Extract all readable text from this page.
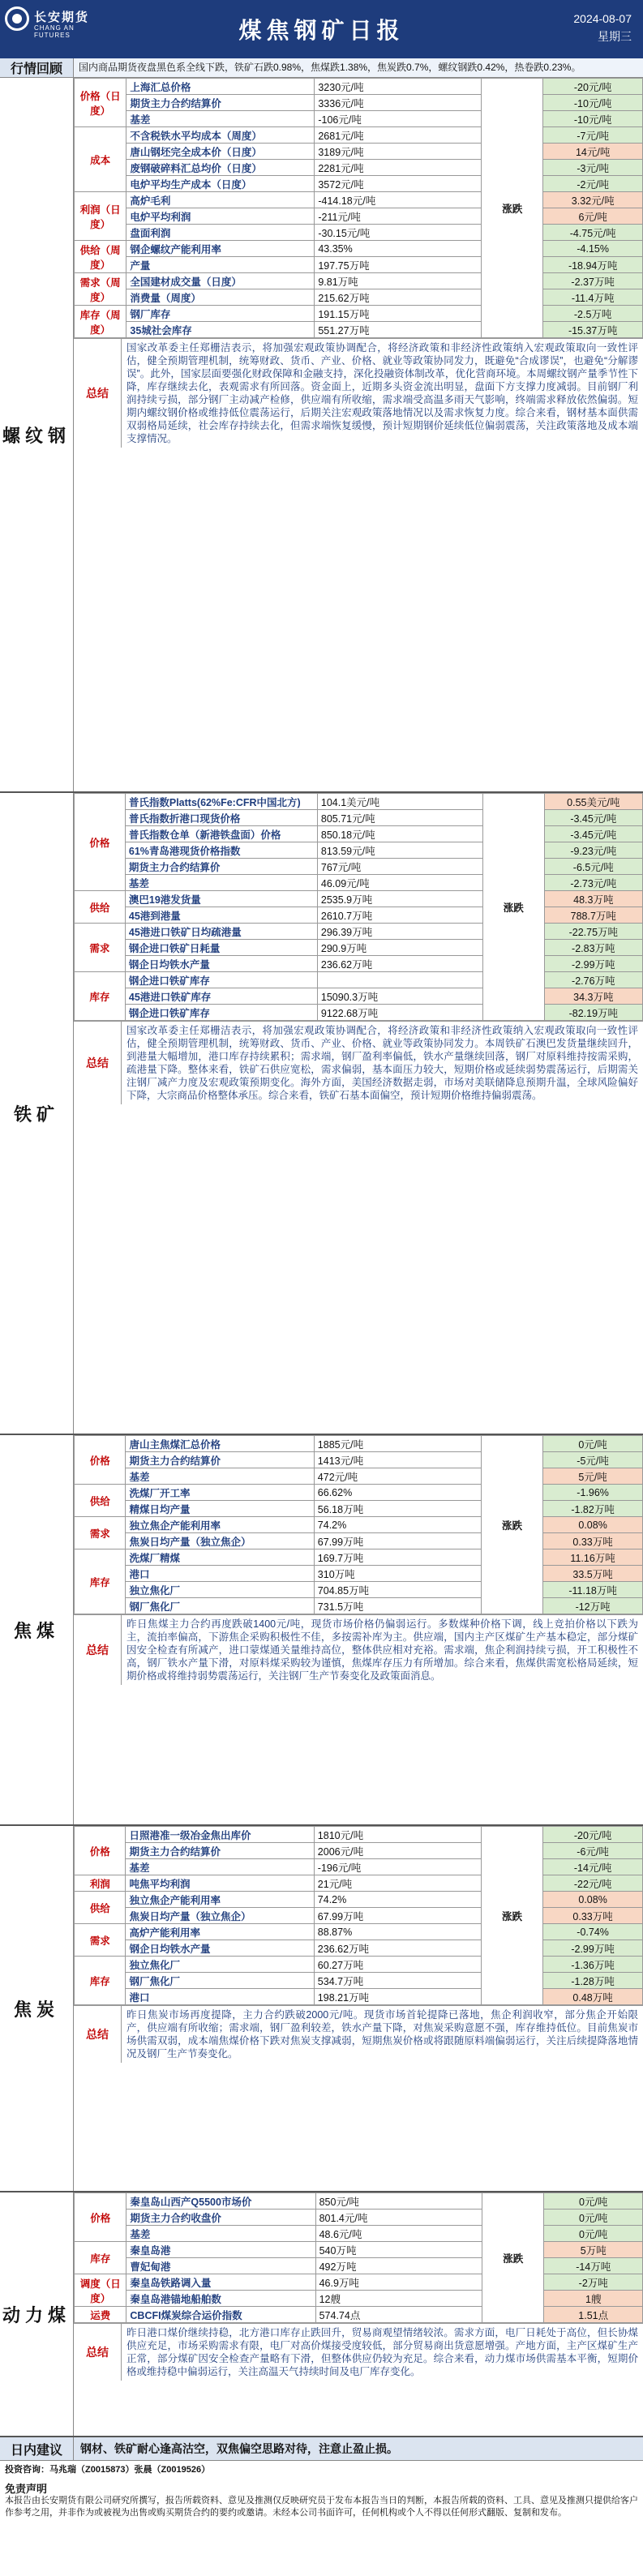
长安期货
CHANG AN FUTURES	煤焦钢矿日报	2024-08-07
星期三
行情回顾	国内商品期货夜盘黑色系全线下跌，铁矿石跌0.98%，焦煤跌1.38%，焦炭跌0.7%，螺纹钢跌0.42%，热卷跌0.23%。
螺纹钢
价格（日度）	上海汇总价格	3230元/吨	涨跌	-20元/吨
	期货主力合约结算价	3336元/吨		-10元/吨
	基差	-106元/吨		-10元/吨
成本	不含税铁水平均成本（周度）	2681元/吨		-7元/吨
	唐山钢坯完全成本价（日度）	3189元/吨		14元/吨
	废钢破碎料汇总均价（日度）	2281元/吨		-3元/吨
	电炉平均生产成本（日度）	3572元/吨		-2元/吨
利润（日度）	高炉毛利	-414.18元/吨		3.32元/吨
	电炉平均利润	-211元/吨		6元/吨
	盘面利润	-30.15元/吨		-4.75元/吨
供给（周度）	钢企螺纹产能利用率	43.35%		-4.15%
	产量	197.75万吨		-18.94万吨
需求（周度）	全国建材成交量（日度）	9.81万吨		-2.37万吨
	消费量（周度）	215.62万吨		-11.4万吨
库存（周度）	钢厂库存	191.15万吨		-2.5万吨
	35城社会库存	551.27万吨		-15.37万吨
总结
国家改革委主任郑栅洁表示，将加强宏观政策协调配合，将经济政策和非经济性政策纳入宏观政策取向一致性评估，健全预期管理机制，统筹财政、货币、产业、价格、就业等政策协同发力，既避免“合成谬误”，也避免“分解谬误”。此外，国家层面要强化财政保障和金融支持，深化投融资体制改革，优化营商环境。本周螺纹钢产量季节性下降，库存继续去化，表观需求有所回落。资金面上，近期多头资金流出明显，盘面下方支撑力度减弱。目前钢厂利润持续亏损，部分钢厂主动减产检修，供应端有所收缩，需求端受高温多雨天气影响，终端需求释放依然偏弱。短期内螺纹钢价格或维持低位震荡运行，后期关注宏观政策落地情况以及需求恢复力度。综合来看，钢材基本面供需双弱格局延续，社会库存持续去化，但需求端恢复缓慢，预计短期钢价延续低位偏弱震荡，关注政策落地及成本端支撑情况。
铁矿
价格	普氏指数Platts(62%Fe:CFR中国北方)	104.1美元/吨	涨跌	0.55美元/吨
	普氏指数折港口现货价格	805.71元/吨		-3.45元/吨
	普氏指数仓单（新港铁盘面）价格	850.18元/吨		-3.45元/吨
	61%青岛港现货价格指数	813.59元/吨		-9.23元/吨
	期货主力合约结算价	767元/吨		-6.5元/吨
	基差	46.09元/吨		-2.73元/吨
供给	澳巴19港发货量	2535.9万吨		48.3万吨
	45港到港量	2610.7万吨		788.7万吨
需求	45港进口铁矿日均疏港量	296.39万吨		-22.75万吨
	钢企进口铁矿日耗量	290.9万吨		-2.83万吨
	钢企日均铁水产量	236.62万吨		-2.99万吨
库存	钢企进口铁矿库存			-2.76万吨
	45港进口铁矿库存	15090.3万吨		34.3万吨
	钢企进口铁矿库存	9122.68万吨		-82.19万吨
总结
国家改革委主任郑栅洁表示，将加强宏观政策协调配合，将经济政策和非经济性政策纳入宏观政策取向一致性评估，健全预期管理机制，统筹财政、货币、产业、价格、就业等政策协同发力。本周铁矿石澳巴发货量继续回升，到港量大幅增加，港口库存持续累积；需求端，钢厂盈利率偏低，铁水产量继续回落，钢厂对原料维持按需采购，疏港量下降。整体来看，铁矿石供应宽松，需求偏弱，基本面压力较大，短期价格或延续弱势震荡运行，后期需关注钢厂减产力度及宏观政策预期变化。海外方面，美国经济数据走弱，市场对美联储降息预期升温，全球风险偏好下降，大宗商品价格整体承压。综合来看，铁矿石基本面偏空，预计短期价格维持偏弱震荡。
焦煤
价格	唐山主焦煤汇总价格	1885元/吨	涨跌	0元/吨
	期货主力合约结算价	1413元/吨		-5元/吨
	基差	472元/吨		5元/吨
供给	洗煤厂开工率	66.62%		-1.96%
	精煤日均产量	56.18万吨		-1.82万吨
需求	独立焦企产能利用率	74.2%		0.08%
	焦炭日均产量（独立焦企）	67.99万吨		0.33万吨
库存	洗煤厂精煤	169.7万吨		11.16万吨
	港口	310万吨		33.5万吨
	独立焦化厂	704.85万吨		-11.18万吨
	钢厂焦化厂	731.5万吨		-12万吨
总结
昨日焦煤主力合约再度跌破1400元/吨，现货市场价格仍偏弱运行。多数煤种价格下调，线上竞拍价格以下跌为主，流拍率偏高，下游焦企采购积极性不佳，多按需补库为主。供应端，国内主产区煤矿生产基本稳定，部分煤矿因安全检查有所减产，进口蒙煤通关量维持高位，整体供应相对充裕。需求端，焦企利润持续亏损，开工积极性不高，钢厂铁水产量下滑，对原料煤采购较为谨慎，焦煤库存压力有所增加。综合来看，焦煤供需宽松格局延续，短期价格或将维持弱势震荡运行，关注钢厂生产节奏变化及政策面消息。
焦炭
价格	日照港准一级冶金焦出库价	1810元/吨	涨跌	-20元/吨
	期货主力合约结算价	2006元/吨		-6元/吨
	基差	-196元/吨		-14元/吨
利润	吨焦平均利润	21元/吨		-22元/吨
供给	独立焦企产能利用率	74.2%		0.08%
	焦炭日均产量（独立焦企）	67.99万吨		0.33万吨
需求	高炉产能利用率	88.87%		-0.74%
	钢企日均铁水产量	236.62万吨		-2.99万吨
库存	独立焦化厂	60.27万吨		-1.36万吨
	钢厂焦化厂	534.7万吨		-1.28万吨
	港口	198.21万吨		0.48万吨
总结
昨日焦炭市场再度提降，主力合约跌破2000元/吨。现货市场首轮提降已落地，焦企利润收窄，部分焦企开始限产，供应端有所收缩；需求端，钢厂盈利较差，铁水产量下降，对焦炭采购意愿不强，库存维持低位。目前焦炭市场供需双弱，成本端焦煤价格下跌对焦炭支撑减弱，短期焦炭价格或将跟随原料端偏弱运行，关注后续提降落地情况及钢厂生产节奏变化。
动力煤
价格	秦皇岛山西产Q5500市场价	850元/吨	涨跌	0元/吨
	期货主力合约收盘价	801.4元/吨		0元/吨
	基差	48.6元/吨		0元/吨
库存	秦皇岛港	540万吨		5万吨
	曹妃甸港	492万吨		-14万吨
调度（日度）	秦皇岛铁路调入量	46.9万吨		-2万吨
	秦皇岛港锚地船舶数	12艘		1艘
运费	CBCFI煤炭综合运价指数	574.74点		1.51点
总结
昨日港口煤价继续持稳，北方港口库存止跌回升，贸易商观望情绪较浓。需求方面，电厂日耗处于高位，但长协煤供应充足，市场采购需求有限，电厂对高价煤接受度较低，部分贸易商出货意愿增强。产地方面，主产区煤矿生产正常，部分煤矿因安全检查产量略有下滑，但整体供应仍较为充足。综合来看，动力煤市场供需基本平衡，短期价格或维持稳中偏弱运行，关注高温天气持续时间及电厂库存变化。
日内建议	钢材、铁矿耐心逢高沽空，双焦偏空思路对待，注意止盈止损。
投资咨询：马兆瑞（Z0015873）张晨（Z0019526）
免责声明
本报告由长安期货有限公司研究所撰写，报告所载资料、意见及推测仅反映研究员于发布本报告当日的判断，本报告所载的资料、工具、意见及推测只提供给客户作参考之用，并非作为或被视为出售或购买期货合约的要约或邀请。未经本公司书面许可，任何机构或个人不得以任何形式翻版、复制和发布。
